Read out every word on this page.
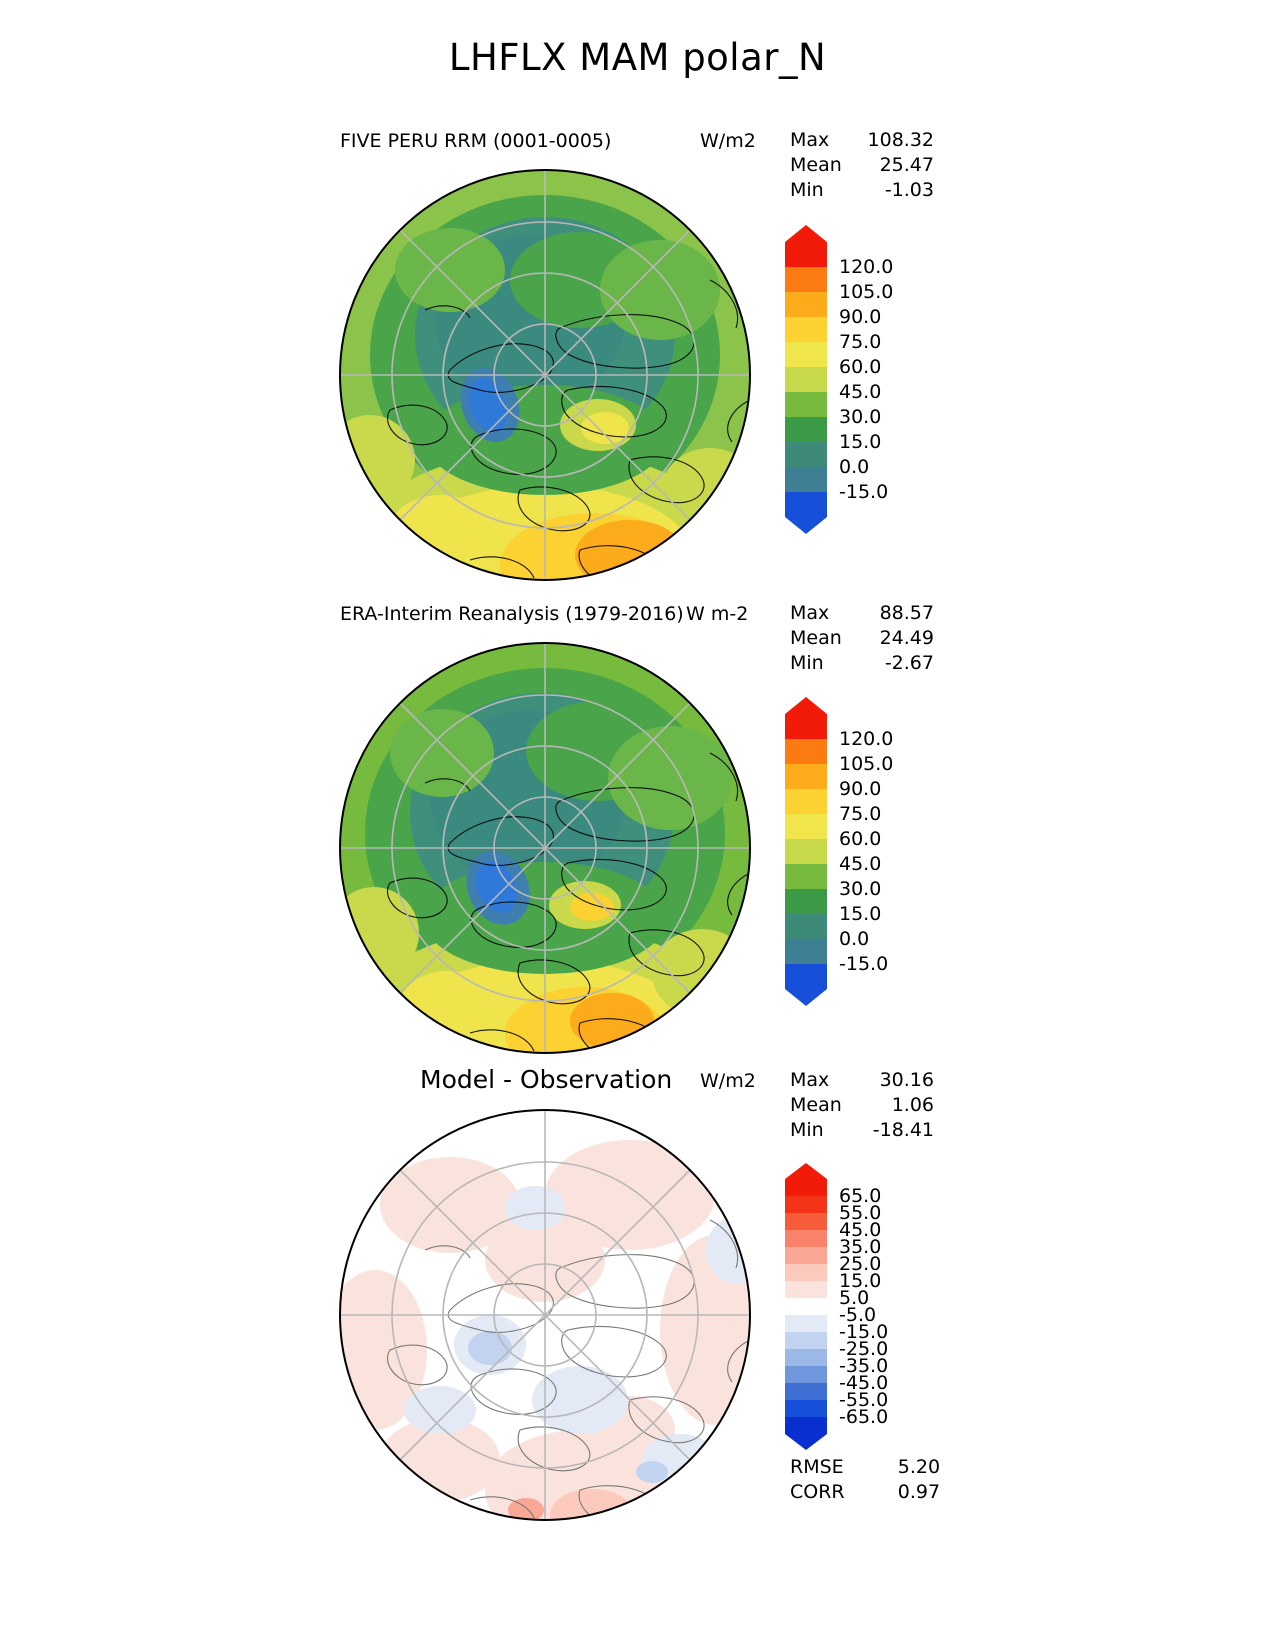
LHFLX MAM polar_N
FIVE PERU RRM (0001-0005)	W/m2 Max 108.32
Mean 25.47
Min	-1.03
120.0
105.0
90.0
75.0
60.0
45.0
30.0
15.0
0.0
-15.0
ERA-Interim Reanalysis (1979-2016) W m-2 Max	88.57
Mean 24.49
Min	-2.67
120.0
105.0
90.0
75.0
60.0
45.0
30.0
15.0
0.0
-15.0
Model - Observation W/m2 Max	30.16
Mean	1.06
Min	-18.41
65.0
55.0
45.0
35.0
25.0
15.0
5.0
-5.0
-15.0
-25.0
-35.0
-45.0
-55.0
-65.0
RMSE	5.20
CORR	0.97
